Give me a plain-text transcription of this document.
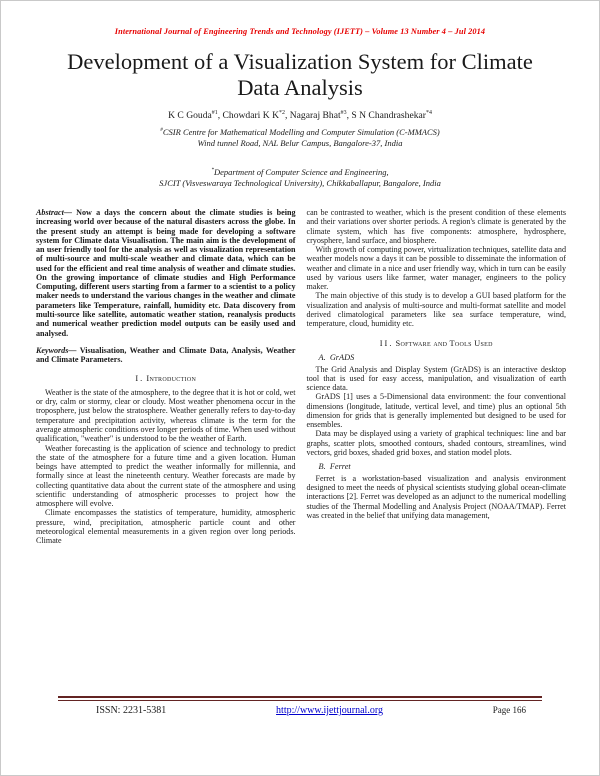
International Journal of Engineering Trends and Technology (IJETT) – Volume 13 Number 4 – Jul 2014
Development of a Visualization System for Climate Data Analysis
K C Gouda$^{\#1}$, Chowdari K $K^{*2}$, Nagaraj Bhat$^{\#3}$, S N Chandrashekar$^{*4}$
#CSIR Centre for Mathematical Modelling and Computer Simulation (C-MMACS)
Wind tunnel Road, NAL Belur Campus, Bangalore-37, India
*Department of Computer Science and Engineering,
SJCIT (Visveswaraya Technological University), Chikkaballapur, Bangalore, India

Abstract— Now a days the concern about the climate studies is being increasing world over because of the natural disasters across the globe. In the present study an attempt is being made for developing a software system for Climate data Visualisation. The main aim is the development of an user friendly tool for the analysis as well as visualization representation of multi-source and multi-scale weather and climate data, which can be used for the efficient and real time analysis of weather and climate studies. On the growing importance of climate studies and High Performance Computing, different users starting from a farmer to a scientist to a policy maker needs to understand the various changes in the weather and climate parameters like Temperature, rainfall, humidity etc. Data discovery from multi-source like satellite, automatic weather station, reanalysis products and numerical weather prediction model outputs can be easily used and analysed.

Keywords— Visualisation, Weather and Climate Data, Analysis, Weather and Climate Parameters.

I. Introduction

Weather is the state of the atmosphere, to the degree that it is hot or cold, wet or dry, calm or stormy, clear or cloudy. Most weather phenomena occur in the troposphere, just below the stratosphere. Weather generally refers to day-to-day temperature and precipitation activity, whereas climate is the term for the average atmospheric conditions over longer periods of time. When used without qualification, "weather" is understood to be the weather of Earth.

Weather forecasting is the application of science and technology to predict the state of the atmosphere for a future time and a given location. Human beings have attempted to predict the weather informally for millennia, and formally since at least the nineteenth century. Weather forecasts are made by collecting quantitative data about the current state of the atmosphere and using scientific understanding of atmospheric processes to project how the atmosphere will evolve.

Climate encompasses the statistics of temperature, humidity, atmospheric pressure, wind, precipitation, atmospheric particle count and other meteorological elemental measurements in a given region over long periods. Climate

can be contrasted to weather, which is the present condition of these elements and their variations over shorter periods. A region's climate is generated by the climate system, which has five components: atmosphere, hydrosphere, cryosphere, land surface, and biosphere.

With growth of computing power, virtualization techniques, satellite data and weather models now a days it can be possible to disseminate the information of weather and climate in a nice and user friendly way, which in turn can be easily used by various users like farmer, water manager, engineers to the policy maker.

The main objective of this study is to develop a GUI based platform for the visualization and analysis of multi-source and multi-format satellite and model derived climatological parameters like sea surface temperature, wind, temperature, cloud, humidity etc.

II. Software and Tools Used
A. GrADS

The Grid Analysis and Display System (GrADS) is an interactive desktop tool that is used for easy access, manipulation, and visualization of earth science data.

GrADS [1] uses a 5-Dimensional data environment: the four conventional dimensions (longitude, latitude, vertical level, and time) plus an optional 5th dimension for grids that is generally implemented but designed to be used for ensembles.

Data may be displayed using a variety of graphical techniques: line and bar graphs, scatter plots, smoothed contours, shaded contours, streamlines, wind vectors, grid boxes, shaded grid boxes, and station model plots.

B. Ferret

Ferret is a workstation-based visualization and analysis environment designed to meet the needs of physical scientists studying global ocean-climate interactions [2]. Ferret was developed as an adjunct to the numerical modelling studies of the Thermal Modelling and Analysis Project (NOAA/TMAP). Ferret was created in the belief that unifying data management,

ISSN: 2231-5381	http://www.ijettjournal.org	Page 166
